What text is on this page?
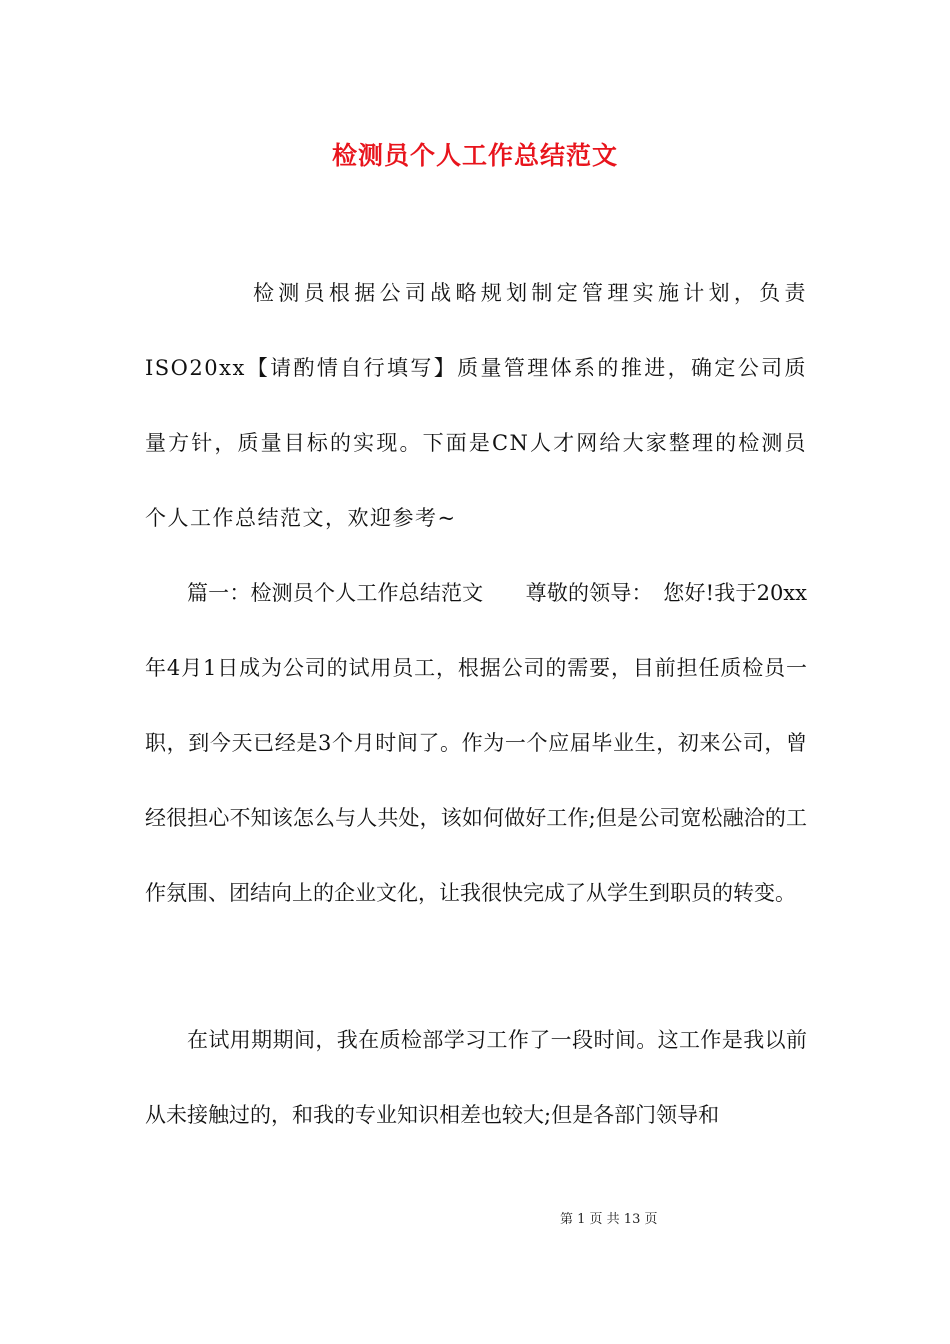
检测员个人工作总结范文

检测员根据公司战略规划制定管理实施计划，负责ISO20xx【请酌情自行填写】质量管理体系的推进，确定公司质量方针，质量目标的实现。下面是CN人才网给大家整理的检测员个人工作总结范文，欢迎参考~

篇一：检测员个人工作总结范文　　尊敬的领导：　您好!我于20xx年4月1日成为公司的试用员工，根据公司的需要，目前担任质检员一职，到今天已经是3个月时间了。作为一个应届毕业生，初来公司，曾经很担心不知该怎么与人共处，该如何做好工作;但是公司宽松融洽的工作氛围、团结向上的企业文化，让我很快完成了从学生到职员的转变。

在试用期期间，我在质检部学习工作了一段时间。这工作是我以前从未接触过的，和我的专业知识相差也较大;但是各部门领导和

第 1 页 共 13 页
